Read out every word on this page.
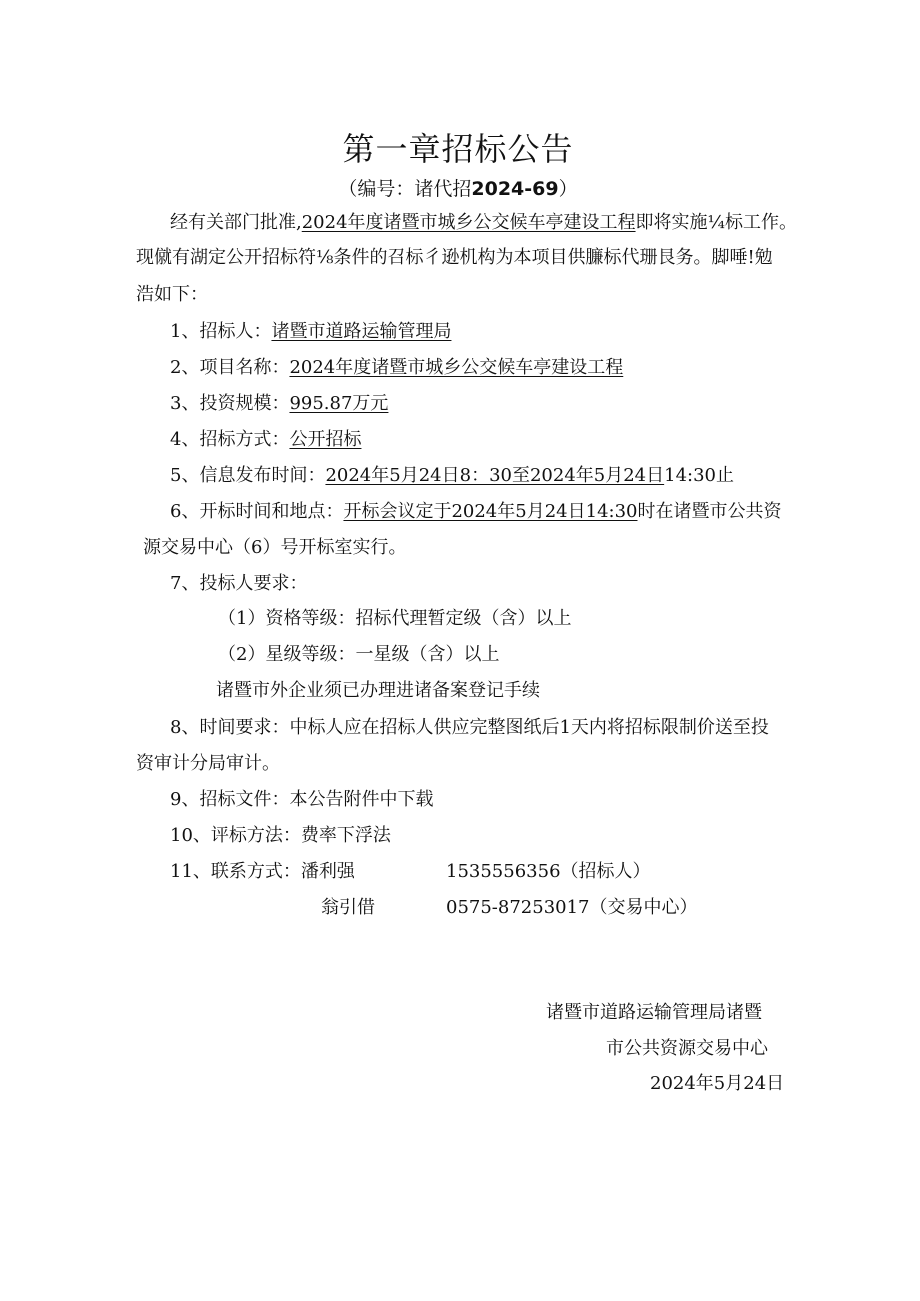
第一章招标公告
（编号：诸代招2024-69）
经有关部门批准,2024年度诸暨市城乡公交候车亭建设工程即将实施¼标工作。
现僦有湖定公开招标符⅛条件的召标彳逊机构为本项目供臁标代珊艮务。脚唾!勉
浩如下：
1、招标人：诸暨市道路运输管理局
2、项目名称：2024年度诸暨市城乡公交候车亭建设工程
3、投资规模：995.87万元
4、招标方式：公开招标
5、信息发布时间：2024年5月24日8：30至2024年5月24日14:30止
6、开标时间和地点：开标会议定于2024年5月24日14:30时在诸暨市公共资
源交易中心（6）号开标室实行。
7、投标人要求：
（1）资格等级：招标代理暂定级（含）以上
（2）星级等级：一星级（含）以上
诸暨市外企业须已办理进诸备案登记手续
8、时间要求：中标人应在招标人供应完整图纸后1天内将招标限制价送至投
资审计分局审计。
9、招标文件：本公告附件中下载
10、评标方法：费率下浮法
11、联系方式：潘利强	1535556356（招标人）
翁引借	0575-87253017（交易中心）
诸暨市道路运输管理局诸暨
市公共资源交易中心
2024年5月24日
